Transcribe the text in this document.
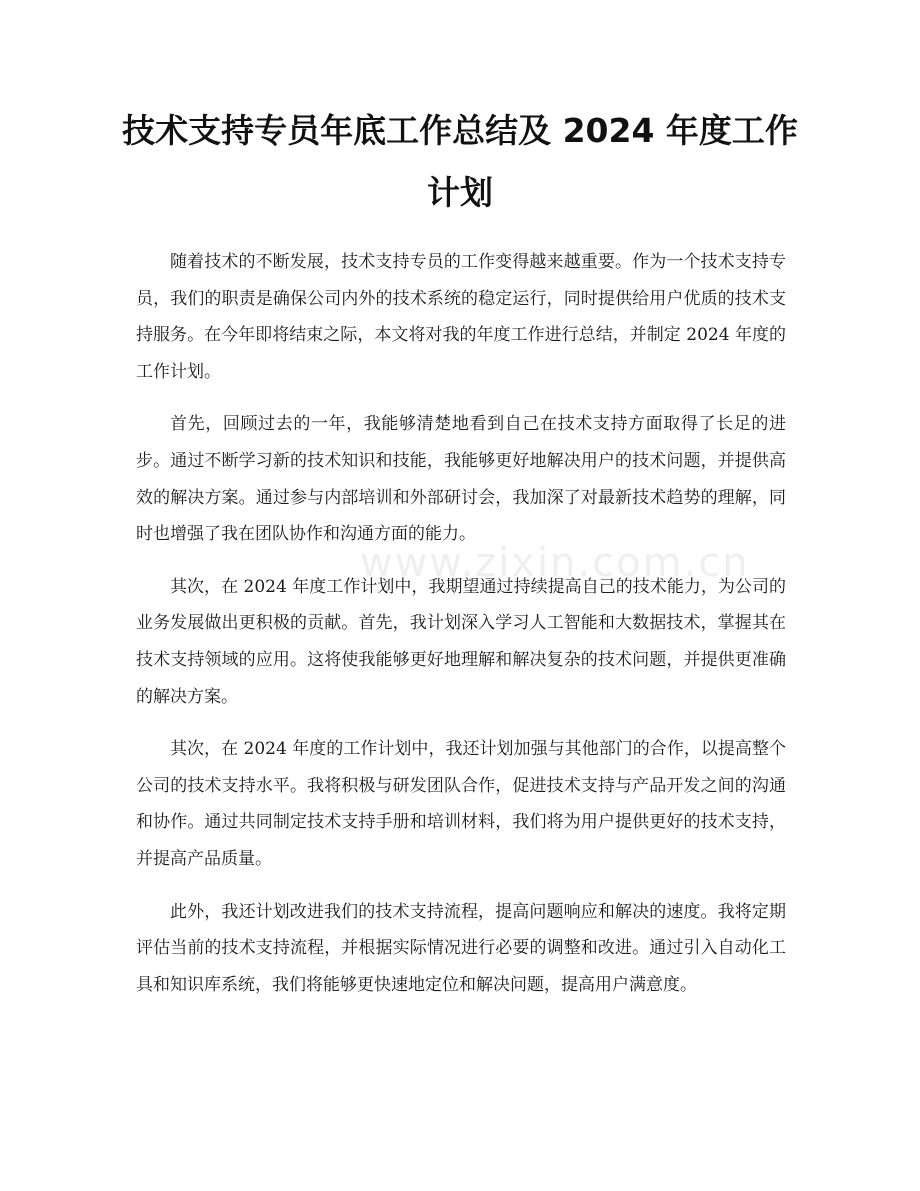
技术支持专员年底工作总结及 2024 年度工作计划
www.zixin.com.cn

随着技术的不断发展，技术支持专员的工作变得越来越重要。作为一个技术支持专员，我们的职责是确保公司内外的技术系统的稳定运行，同时提供给用户优质的技术支持服务。在今年即将结束之际，本文将对我的年度工作进行总结，并制定 2024 年度的工作计划。

首先，回顾过去的一年，我能够清楚地看到自己在技术支持方面取得了长足的进步。通过不断学习新的技术知识和技能，我能够更好地解决用户的技术问题，并提供高效的解决方案。通过参与内部培训和外部研讨会，我加深了对最新技术趋势的理解，同时也增强了我在团队协作和沟通方面的能力。

其次，在 2024 年度工作计划中，我期望通过持续提高自己的技术能力，为公司的业务发展做出更积极的贡献。首先，我计划深入学习人工智能和大数据技术，掌握其在技术支持领域的应用。这将使我能够更好地理解和解决复杂的技术问题，并提供更准确的解决方案。

其次，在 2024 年度的工作计划中，我还计划加强与其他部门的合作，以提高整个公司的技术支持水平。我将积极与研发团队合作，促进技术支持与产品开发之间的沟通和协作。通过共同制定技术支持手册和培训材料，我们将为用户提供更好的技术支持，并提高产品质量。

此外，我还计划改进我们的技术支持流程，提高问题响应和解决的速度。我将定期评估当前的技术支持流程，并根据实际情况进行必要的调整和改进。通过引入自动化工具和知识库系统，我们将能够更快速地定位和解决问题，提高用户满意度。
